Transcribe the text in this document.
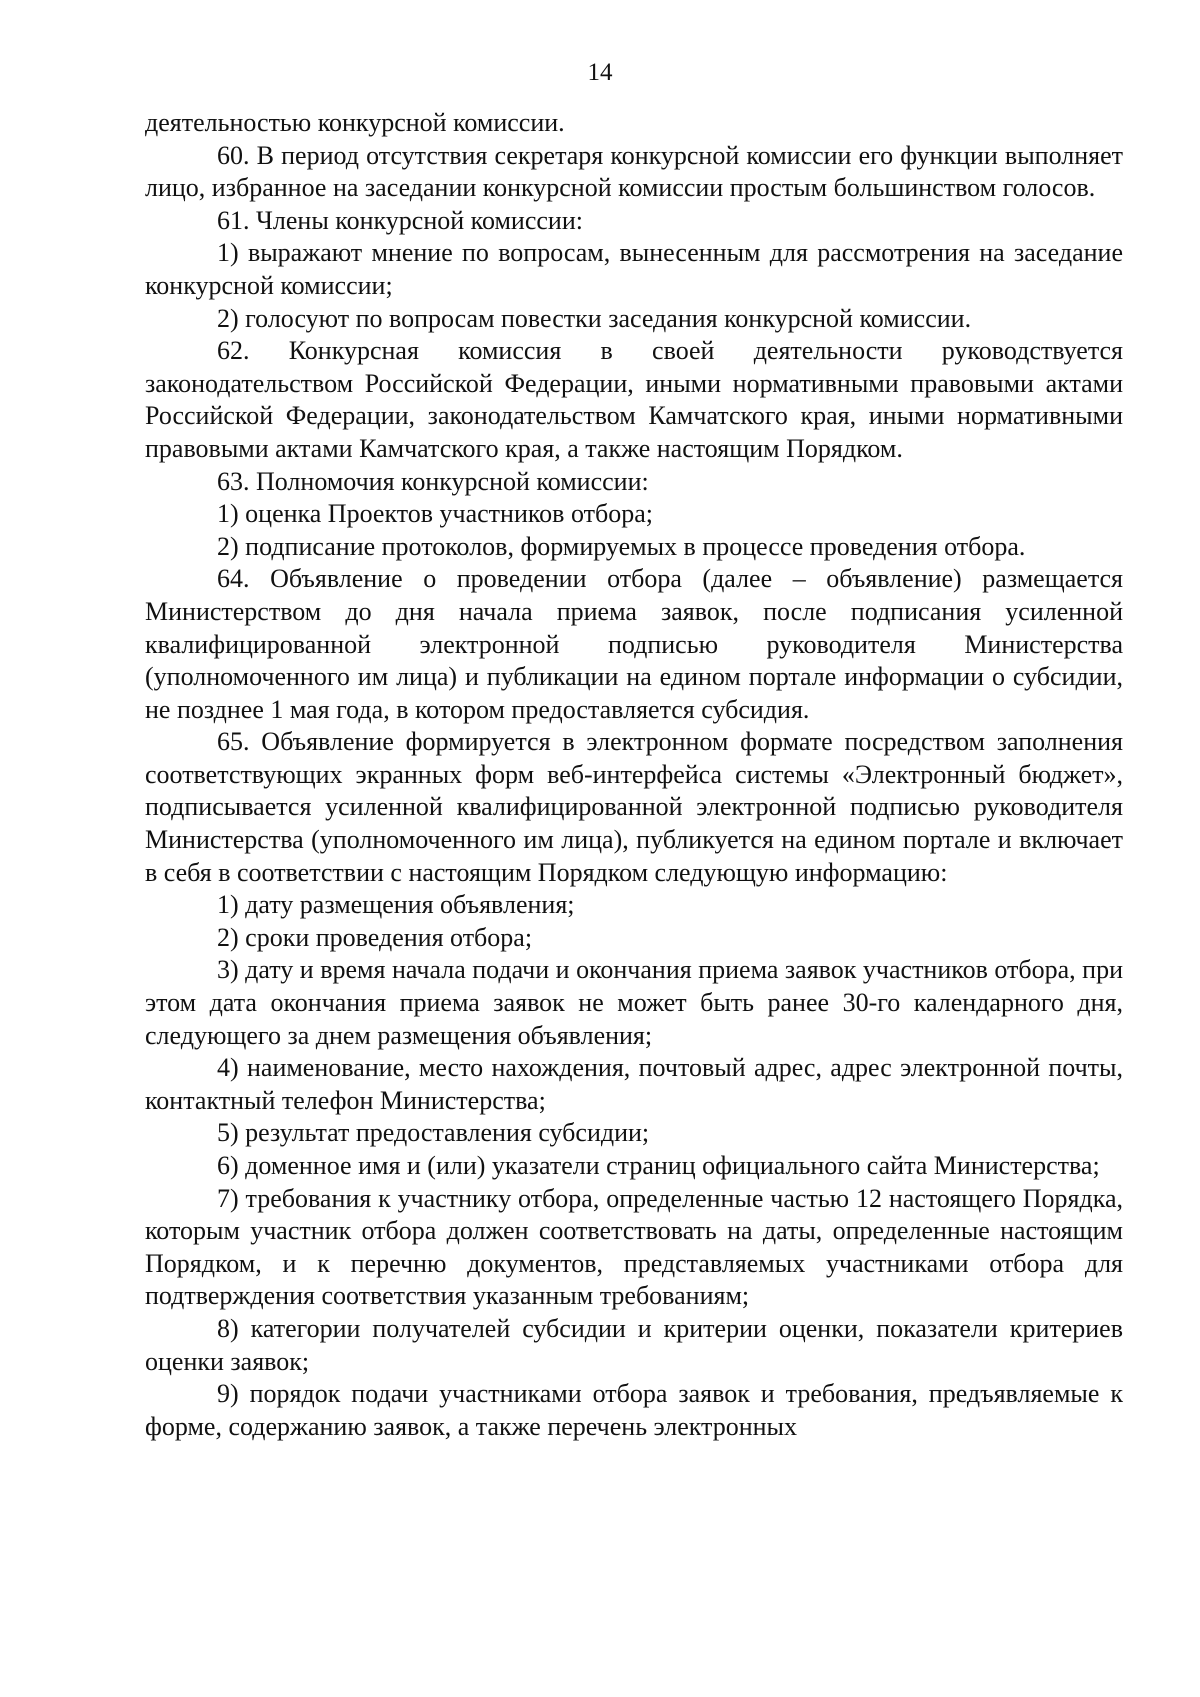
14

деятельностью конкурсной комиссии.

60. В период отсутствия секретаря конкурсной комиссии его функции выполняет лицо, избранное на заседании конкурсной комиссии простым большинством голосов.

61. Члены конкурсной комиссии:

1) выражают мнение по вопросам, вынесенным для рассмотрения на заседание конкурсной комиссии;

2) голосуют по вопросам повестки заседания конкурсной комиссии.

62. Конкурсная комиссия в своей деятельности руководствуется законодательством Российской Федерации, иными нормативными правовыми актами Российской Федерации, законодательством Камчатского края, иными нормативными правовыми актами Камчатского края, а также настоящим Порядком.

63. Полномочия конкурсной комиссии:

1) оценка Проектов участников отбора;

2) подписание протоколов, формируемых в процессе проведения отбора.

64. Объявление о проведении отбора (далее – объявление) размещается Министерством до дня начала приема заявок, после подписания усиленной квалифицированной электронной подписью руководителя Министерства (уполномоченного им лица) и публикации на едином портале информации о субсидии, не позднее 1 мая года, в котором предоставляется субсидия.

65. Объявление формируется в электронном формате посредством заполнения соответствующих экранных форм веб-интерфейса системы «Электронный бюджет», подписывается усиленной квалифицированной электронной подписью руководителя Министерства (уполномоченного им лица), публикуется на едином портале и включает в себя в соответствии с настоящим Порядком следующую информацию:

1) дату размещения объявления;

2) сроки проведения отбора;

3) дату и время начала подачи и окончания приема заявок участников отбора, при этом дата окончания приема заявок не может быть ранее 30-го календарного дня, следующего за днем размещения объявления;

4) наименование, место нахождения, почтовый адрес, адрес электронной почты, контактный телефон Министерства;

5) результат предоставления субсидии;

6) доменное имя и (или) указатели страниц официального сайта Министерства;

7) требования к участнику отбора, определенные частью 12 настоящего Порядка, которым участник отбора должен соответствовать на даты, определенные настоящим Порядком, и к перечню документов, представляемых участниками отбора для подтверждения соответствия указанным требованиям;

8) категории получателей субсидии и критерии оценки, показатели критериев оценки заявок;

9) порядок подачи участниками отбора заявок и требования, предъявляемые к форме, содержанию заявок, а также перечень электронных
